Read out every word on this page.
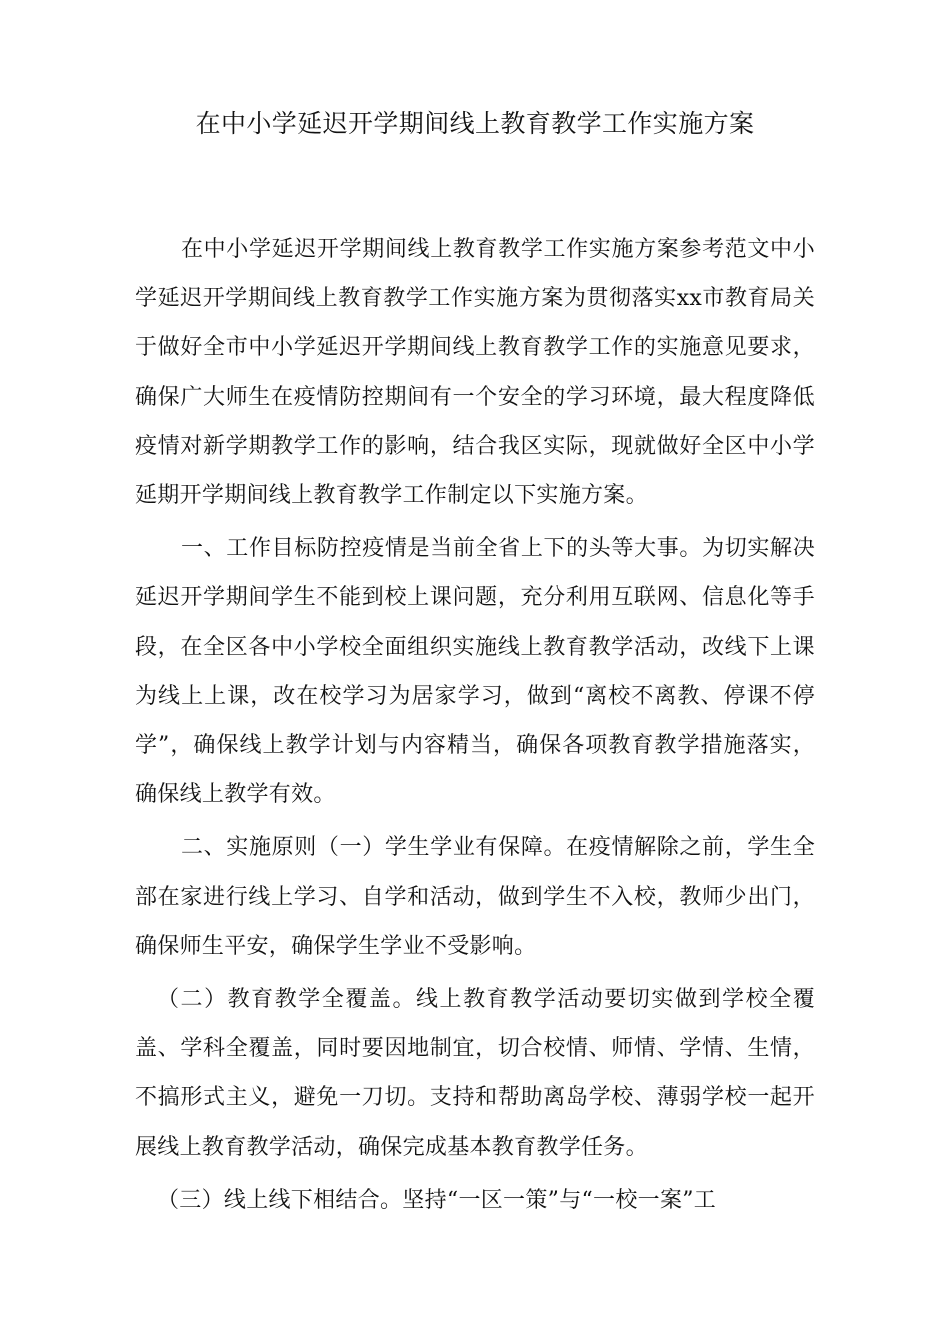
在中小学延迟开学期间线上教育教学工作实施方案

在中小学延迟开学期间线上教育教学工作实施方案参考范文中小学延迟开学期间线上教育教学工作实施方案为贯彻落实xx市教育局关于做好全市中小学延迟开学期间线上教育教学工作的实施意见要求，确保广大师生在疫情防控期间有一个安全的学习环境，最大程度降低疫情对新学期教学工作的影响，结合我区实际，现就做好全区中小学延期开学期间线上教育教学工作制定以下实施方案。

一、工作目标防控疫情是当前全省上下的头等大事。为切实解决延迟开学期间学生不能到校上课问题，充分利用互联网、信息化等手段，在全区各中小学校全面组织实施线上教育教学活动，改线下上课为线上上课，改在校学习为居家学习，做到“离校不离教、停课不停学”，确保线上教学计划与内容精当，确保各项教育教学措施落实，确保线上教学有效。

二、实施原则（一）学生学业有保障。在疫情解除之前，学生全部在家进行线上学习、自学和活动，做到学生不入校，教师少出门，确保师生平安，确保学生学业不受影响。

（二）教育教学全覆盖。线上教育教学活动要切实做到学校全覆盖、学科全覆盖，同时要因地制宜，切合校情、师情、学情、生情，不搞形式主义，避免一刀切。支持和帮助离岛学校、薄弱学校一起开展线上教育教学活动，确保完成基本教育教学任务。

（三）线上线下相结合。坚持“一区一策”与“一校一案”工
